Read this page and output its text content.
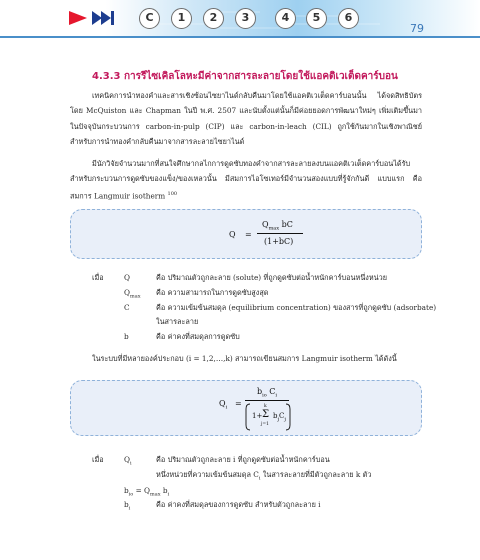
C	1	2	3	4	5	6
79
4.3.3 การรีไซเคิลโลหะมีค่าจากสารละลายโดยใช้แอคติเวเต็ดคาร์บอน
เทคนิคการนำทองคำและสารเชิงซ้อนไซยาไนด์กลับคืนมาโดยใช้แอคติเวเต็ดคาร์บอนนั้น ได้จดสิทธิบัตรโดย McQuiston และ Chapman ในปี พ.ศ. 2507 และนับตั้งแต่นั้นก็มีค่อยยอดการพัฒนาใหม่ๆ เพิ่มเติมขึ้นมา ในปัจจุบันกระบวนการ carbon-in-pulp (CIP) และ carbon-in-leach (CIL) ถูกใช้กันมากในเชิงพาณิชย์สำหรับการนำทองคำกลับคืนมาจากสารละลายไซยาไนด์
มีนักวิจัยจำนวนมากที่สนใจศึกษากลไกการดูดซับทองคำจากสารละลายลงบนแอคติเวเต็ดคาร์บอนได้รับสำหรับกระบวนการดูดซับของแข็ง/ของเหลวนั้น มีสมการไอโซเทอร์มีจำนวนสองแบบที่รู้จักกันดี แบบแรก คือสมการ Langmuir isotherm $^{100}$
Q =
$Q_{max}$ bC
(1+bC)
เมื่อ	Q	คือ ปริมาณตัวถูกละลาย (solute) ที่ถูกดูดซับต่อน้ำหนักคาร์บอนหนึ่งหน่วย
$Q_{max}$ คือ ความสามารถในการดูดซับสูงสุด
C	คือ ความเข้มข้นสมดุล (equilibrium concentration) ของสารที่ถูกดูดซับ (adsorbate)
ในสารละลาย
b	คือ ค่าคงที่สมดุลการดูดซับ
ในระบบที่มีหลายองค์ประกอบ (i = 1,2,…,k) สามารถเขียนสมการ Langmuir isotherm ได้ดังนี้
$Q_i$ =
$b_{io}$ $C_i$
1+ Σ
k
j=1
$b_jC_j$
เมื่อ	$Q_i$	คือ ปริมาณตัวถูกละลาย i ที่ถูกดูดซับต่อน้ำหนักคาร์บอน
หนึ่งหน่วยที่ความเข้มข้นสมดุล $C_i$ ในสารละลายที่มีตัวถูกละลาย k ตัว
$b_{io} = Q_{max}$ $b_i$
$b_i$	คือ ค่าคงที่สมดุลของการดูดซับ สำหรับตัวถูกละลาย i
